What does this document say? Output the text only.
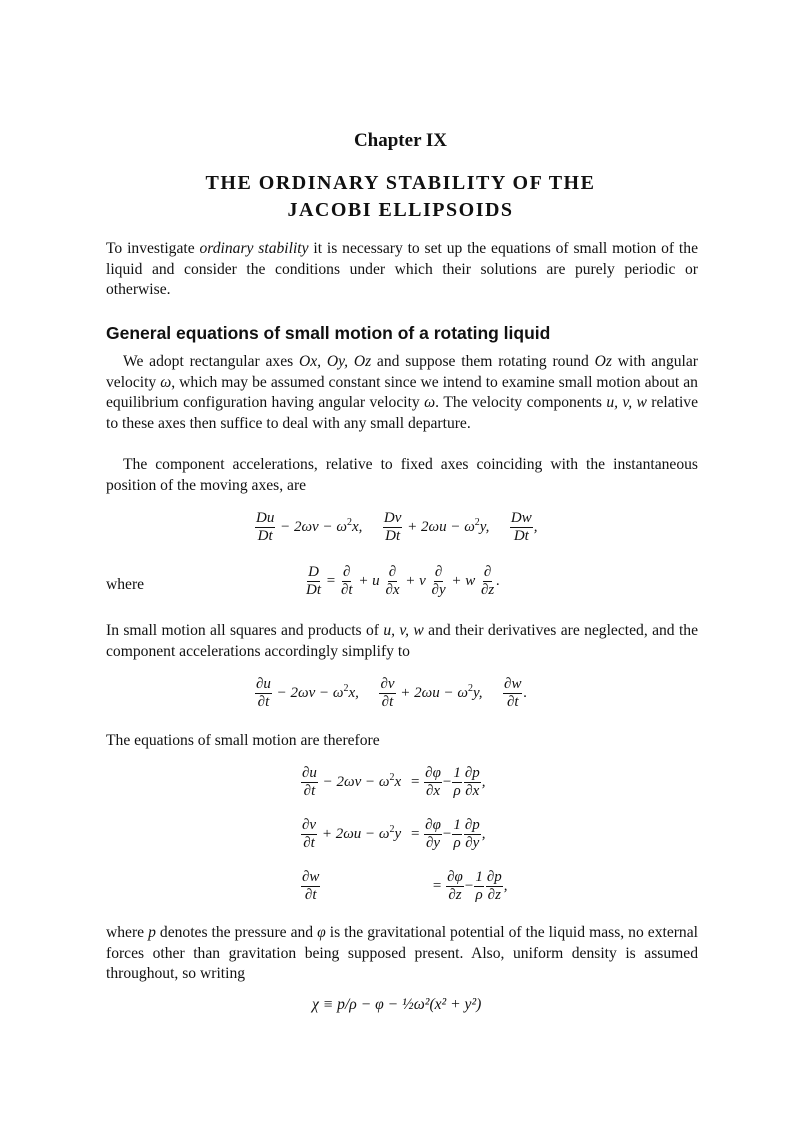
Chapter IX
THE ORDINARY STABILITY OF THE
JACOBI ELLIPSOIDS

To investigate ordinary stability it is necessary to set up the equations of small motion of the liquid and consider the conditions under which their solutions are purely periodic or otherwise.

General equations of small motion of a rotating liquid

We adopt rectangular axes Ox, Oy, Oz and suppose them rotating round Oz with angular velocity ω, which may be assumed constant since we intend to examine small motion about an equilibrium configuration having angular velocity ω. The velocity components u, v, w relative to these axes then suffice to deal with any small departure.

The component accelerations, relative to fixed axes coinciding with the instantaneous position of the moving axes, are

$\frac{Du}{Dt} - 2\omega v - \omega^2x$, $\frac{Dv}{Dt} + 2\omega u - \omega^2y$, $\frac{Dw}{Dt}$ ,
where	$\frac{D}{Dt} = \frac{\partial}{\partial t} + u \frac{\partial}{\partial x} + v \frac{\partial}{\partial y} + w \frac{\partial}{\partial z}$ .

In small motion all squares and products of u, v, w and their derivatives are neglected, and the component accelerations accordingly simplify to

$\frac{\partial u}{\partial t} - 2\omega v - \omega^2x$, $\frac{\partial v}{\partial t} + 2\omega u - \omega^2y$, $\frac{\partial w}{\partial t}$ .

The equations of small motion are therefore

$\frac{\partial u}{\partial t} - 2\omega v - \omega^2x = \frac{\partial\varphi}{\partial x} - \frac{1}{\rho} \frac{\partial p}{\partial x}$ ,
$\frac{\partial v}{\partial t} + 2\omega u - \omega^2y = \frac{\partial\varphi}{\partial y} - \frac{1}{\rho} \frac{\partial p}{\partial y}$ ,
$\frac{\partial w}{\partial t}$	= $\frac{\partial\varphi}{\partial z} - \frac{1}{\rho} \frac{\partial p}{\partial z}$ ,

where p denotes the pressure and φ is the gravitational potential of the liquid mass, no external forces other than gravitation being supposed present. Also, uniform density is assumed throughout, so writing

χ ≡ p/ρ − φ − ½ω²(x² + y²)
